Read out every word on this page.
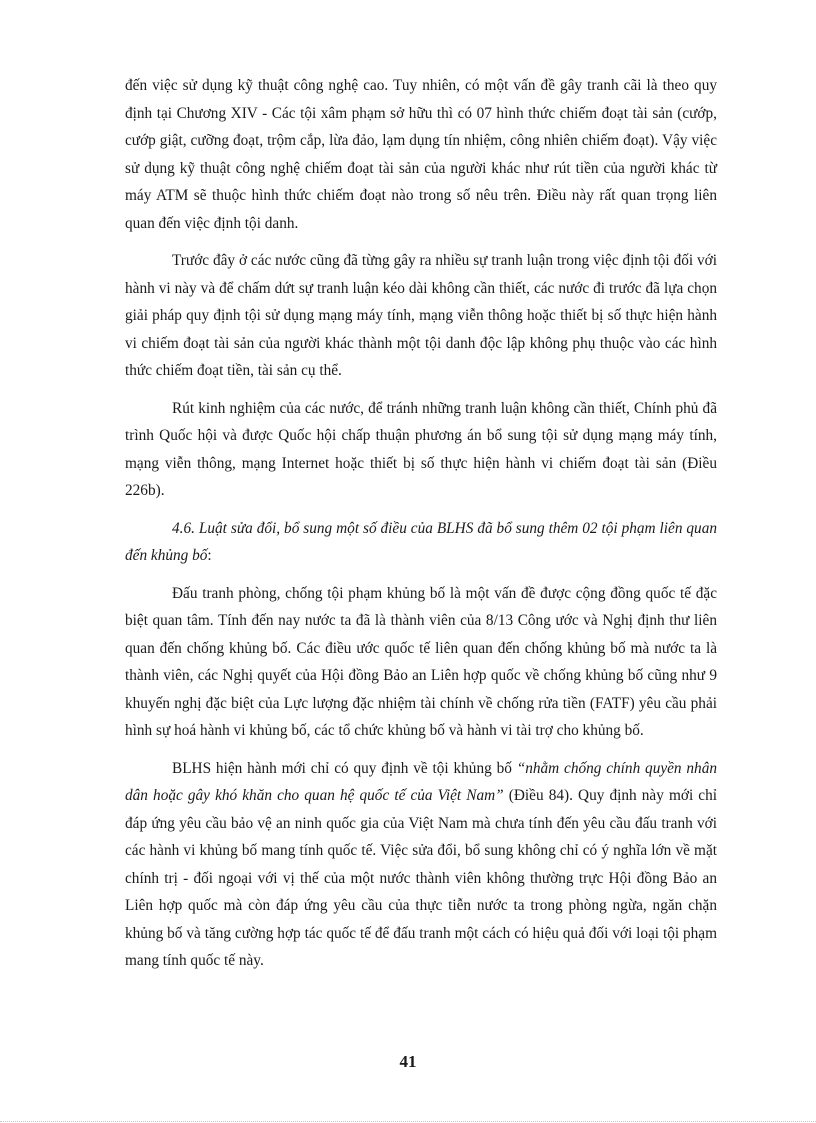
đến việc sử dụng kỹ thuật công nghệ cao. Tuy nhiên, có một vấn đề gây tranh cãi là theo quy định tại Chương XIV - Các tội xâm phạm sở hữu thì có 07 hình thức chiếm đoạt tài sản (cướp, cướp giật, cưỡng đoạt, trộm cắp, lừa đảo, lạm dụng tín nhiệm, công nhiên chiếm đoạt). Vậy việc sử dụng kỹ thuật công nghệ chiếm đoạt tài sản của người khác như rút tiền của người khác từ máy ATM sẽ thuộc hình thức chiếm đoạt nào trong số nêu trên. Điều này rất quan trọng liên quan đến việc định tội danh.

Trước đây ở các nước cũng đã từng gây ra nhiều sự tranh luận trong việc định tội đối với hành vi này và để chấm dứt sự tranh luận kéo dài không cần thiết, các nước đi trước đã lựa chọn giải pháp quy định tội sử dụng mạng máy tính, mạng viễn thông hoặc thiết bị số thực hiện hành vi chiếm đoạt tài sản của người khác thành một tội danh độc lập không phụ thuộc vào các hình thức chiếm đoạt tiền, tài sản cụ thể.

Rút kinh nghiệm của các nước, để tránh những tranh luận không cần thiết, Chính phủ đã trình Quốc hội và được Quốc hội chấp thuận phương án bổ sung tội sử dụng mạng máy tính, mạng viễn thông, mạng Internet hoặc thiết bị số thực hiện hành vi chiếm đoạt tài sản (Điều 226b).

4.6. Luật sửa đổi, bổ sung một số điều của BLHS đã bổ sung thêm 02 tội phạm liên quan đến khủng bố:

Đấu tranh phòng, chống tội phạm khủng bố là một vấn đề được cộng đồng quốc tế đặc biệt quan tâm. Tính đến nay nước ta đã là thành viên của 8/13 Công ước và Nghị định thư liên quan đến chống khủng bố. Các điều ước quốc tế liên quan đến chống khủng bố mà nước ta là thành viên, các Nghị quyết của Hội đồng Bảo an Liên hợp quốc về chống khủng bố cũng như 9 khuyến nghị đặc biệt của Lực lượng đặc nhiệm tài chính về chống rửa tiền (FATF) yêu cầu phải hình sự hoá hành vi khủng bố, các tổ chức khủng bố và hành vi tài trợ cho khủng bố.

BLHS hiện hành mới chỉ có quy định về tội khủng bố “nhằm chống chính quyền nhân dân hoặc gây khó khăn cho quan hệ quốc tế của Việt Nam” (Điều 84). Quy định này mới chỉ đáp ứng yêu cầu bảo vệ an ninh quốc gia của Việt Nam mà chưa tính đến yêu cầu đấu tranh với các hành vi khủng bố mang tính quốc tế. Việc sửa đổi, bổ sung không chỉ có ý nghĩa lớn về mặt chính trị - đối ngoại với vị thế của một nước thành viên không thường trực Hội đồng Bảo an Liên hợp quốc mà còn đáp ứng yêu cầu của thực tiễn nước ta trong phòng ngừa, ngăn chặn khủng bố và tăng cường hợp tác quốc tế để đấu tranh một cách có hiệu quả đối với loại tội phạm mang tính quốc tế này.

41
